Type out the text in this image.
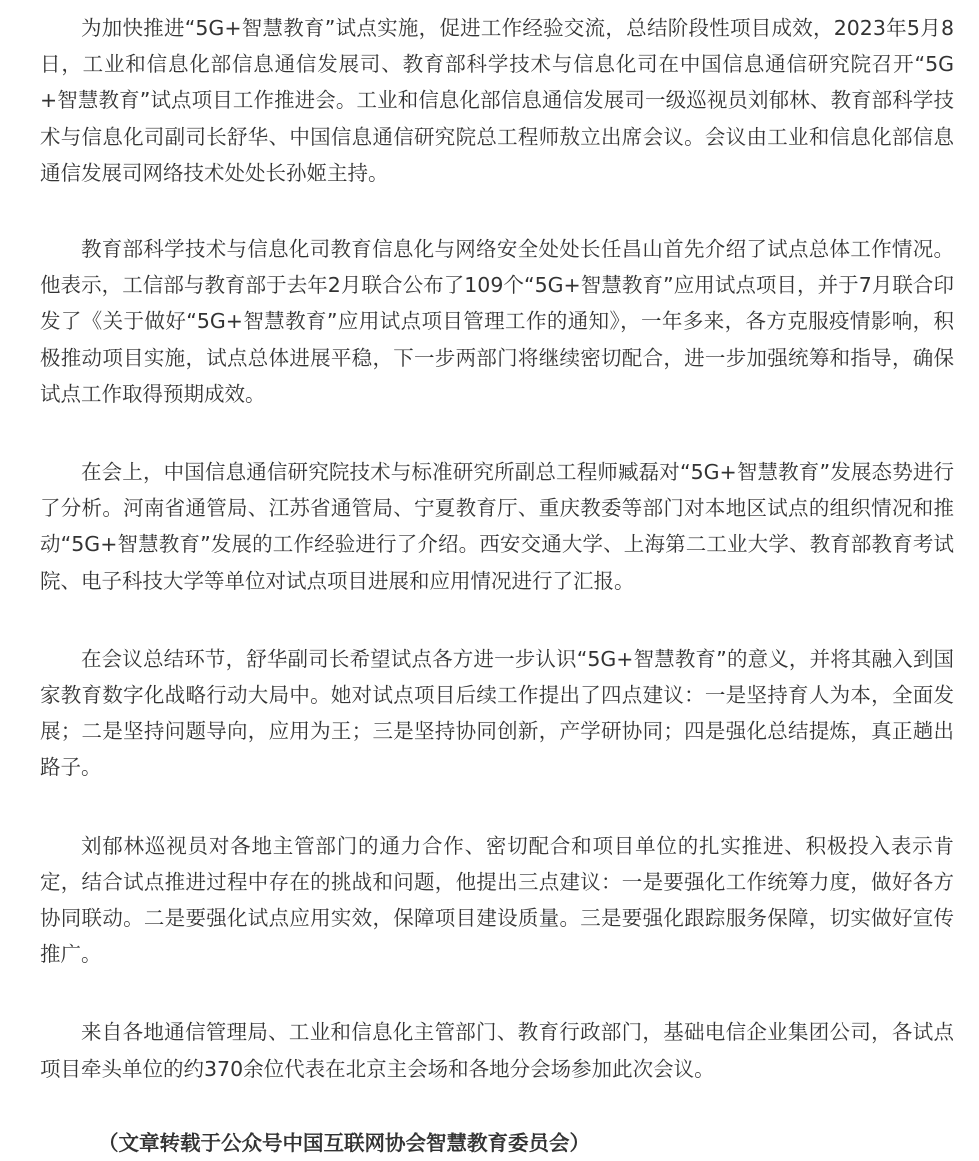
为加快推进“5G+智慧教育”试点实施，促进工作经验交流，总结阶段性项目成效，2023年5月8日，工业和信息化部信息通信发展司、教育部科学技术与信息化司在中国信息通信研究院召开“5G+智慧教育”试点项目工作推进会。工业和信息化部信息通信发展司一级巡视员刘郁林、教育部科学技术与信息化司副司长舒华、中国信息通信研究院总工程师敖立出席会议。会议由工业和信息化部信息通信发展司网络技术处处长孙姬主持。

教育部科学技术与信息化司教育信息化与网络安全处处长任昌山首先介绍了试点总体工作情况。他表示，工信部与教育部于去年2月联合公布了109个“5G+智慧教育”应用试点项目，并于7月联合印发了《关于做好“5G+智慧教育”应用试点项目管理工作的通知》，一年多来，各方克服疫情影响，积极推动项目实施，试点总体进展平稳，下一步两部门将继续密切配合，进一步加强统筹和指导，确保试点工作取得预期成效。

在会上，中国信息通信研究院技术与标准研究所副总工程师臧磊对“5G+智慧教育”发展态势进行了分析。河南省通管局、江苏省通管局、宁夏教育厅、重庆教委等部门对本地区试点的组织情况和推动“5G+智慧教育”发展的工作经验进行了介绍。西安交通大学、上海第二工业大学、教育部教育考试院、电子科技大学等单位对试点项目进展和应用情况进行了汇报。

在会议总结环节，舒华副司长希望试点各方进一步认识“5G+智慧教育”的意义，并将其融入到国家教育数字化战略行动大局中。她对试点项目后续工作提出了四点建议：一是坚持育人为本，全面发展；二是坚持问题导向，应用为王；三是坚持协同创新，产学研协同；四是强化总结提炼，真正趟出路子。

刘郁林巡视员对各地主管部门的通力合作、密切配合和项目单位的扎实推进、积极投入表示肯定，结合试点推进过程中存在的挑战和问题，他提出三点建议：一是要强化工作统筹力度，做好各方协同联动。二是要强化试点应用实效，保障项目建设质量。三是要强化跟踪服务保障，切实做好宣传推广。

来自各地通信管理局、工业和信息化主管部门、教育行政部门，基础电信企业集团公司，各试点项目牵头单位的约370余位代表在北京主会场和各地分会场参加此次会议。

（文章转载于公众号中国互联网协会智慧教育委员会）
